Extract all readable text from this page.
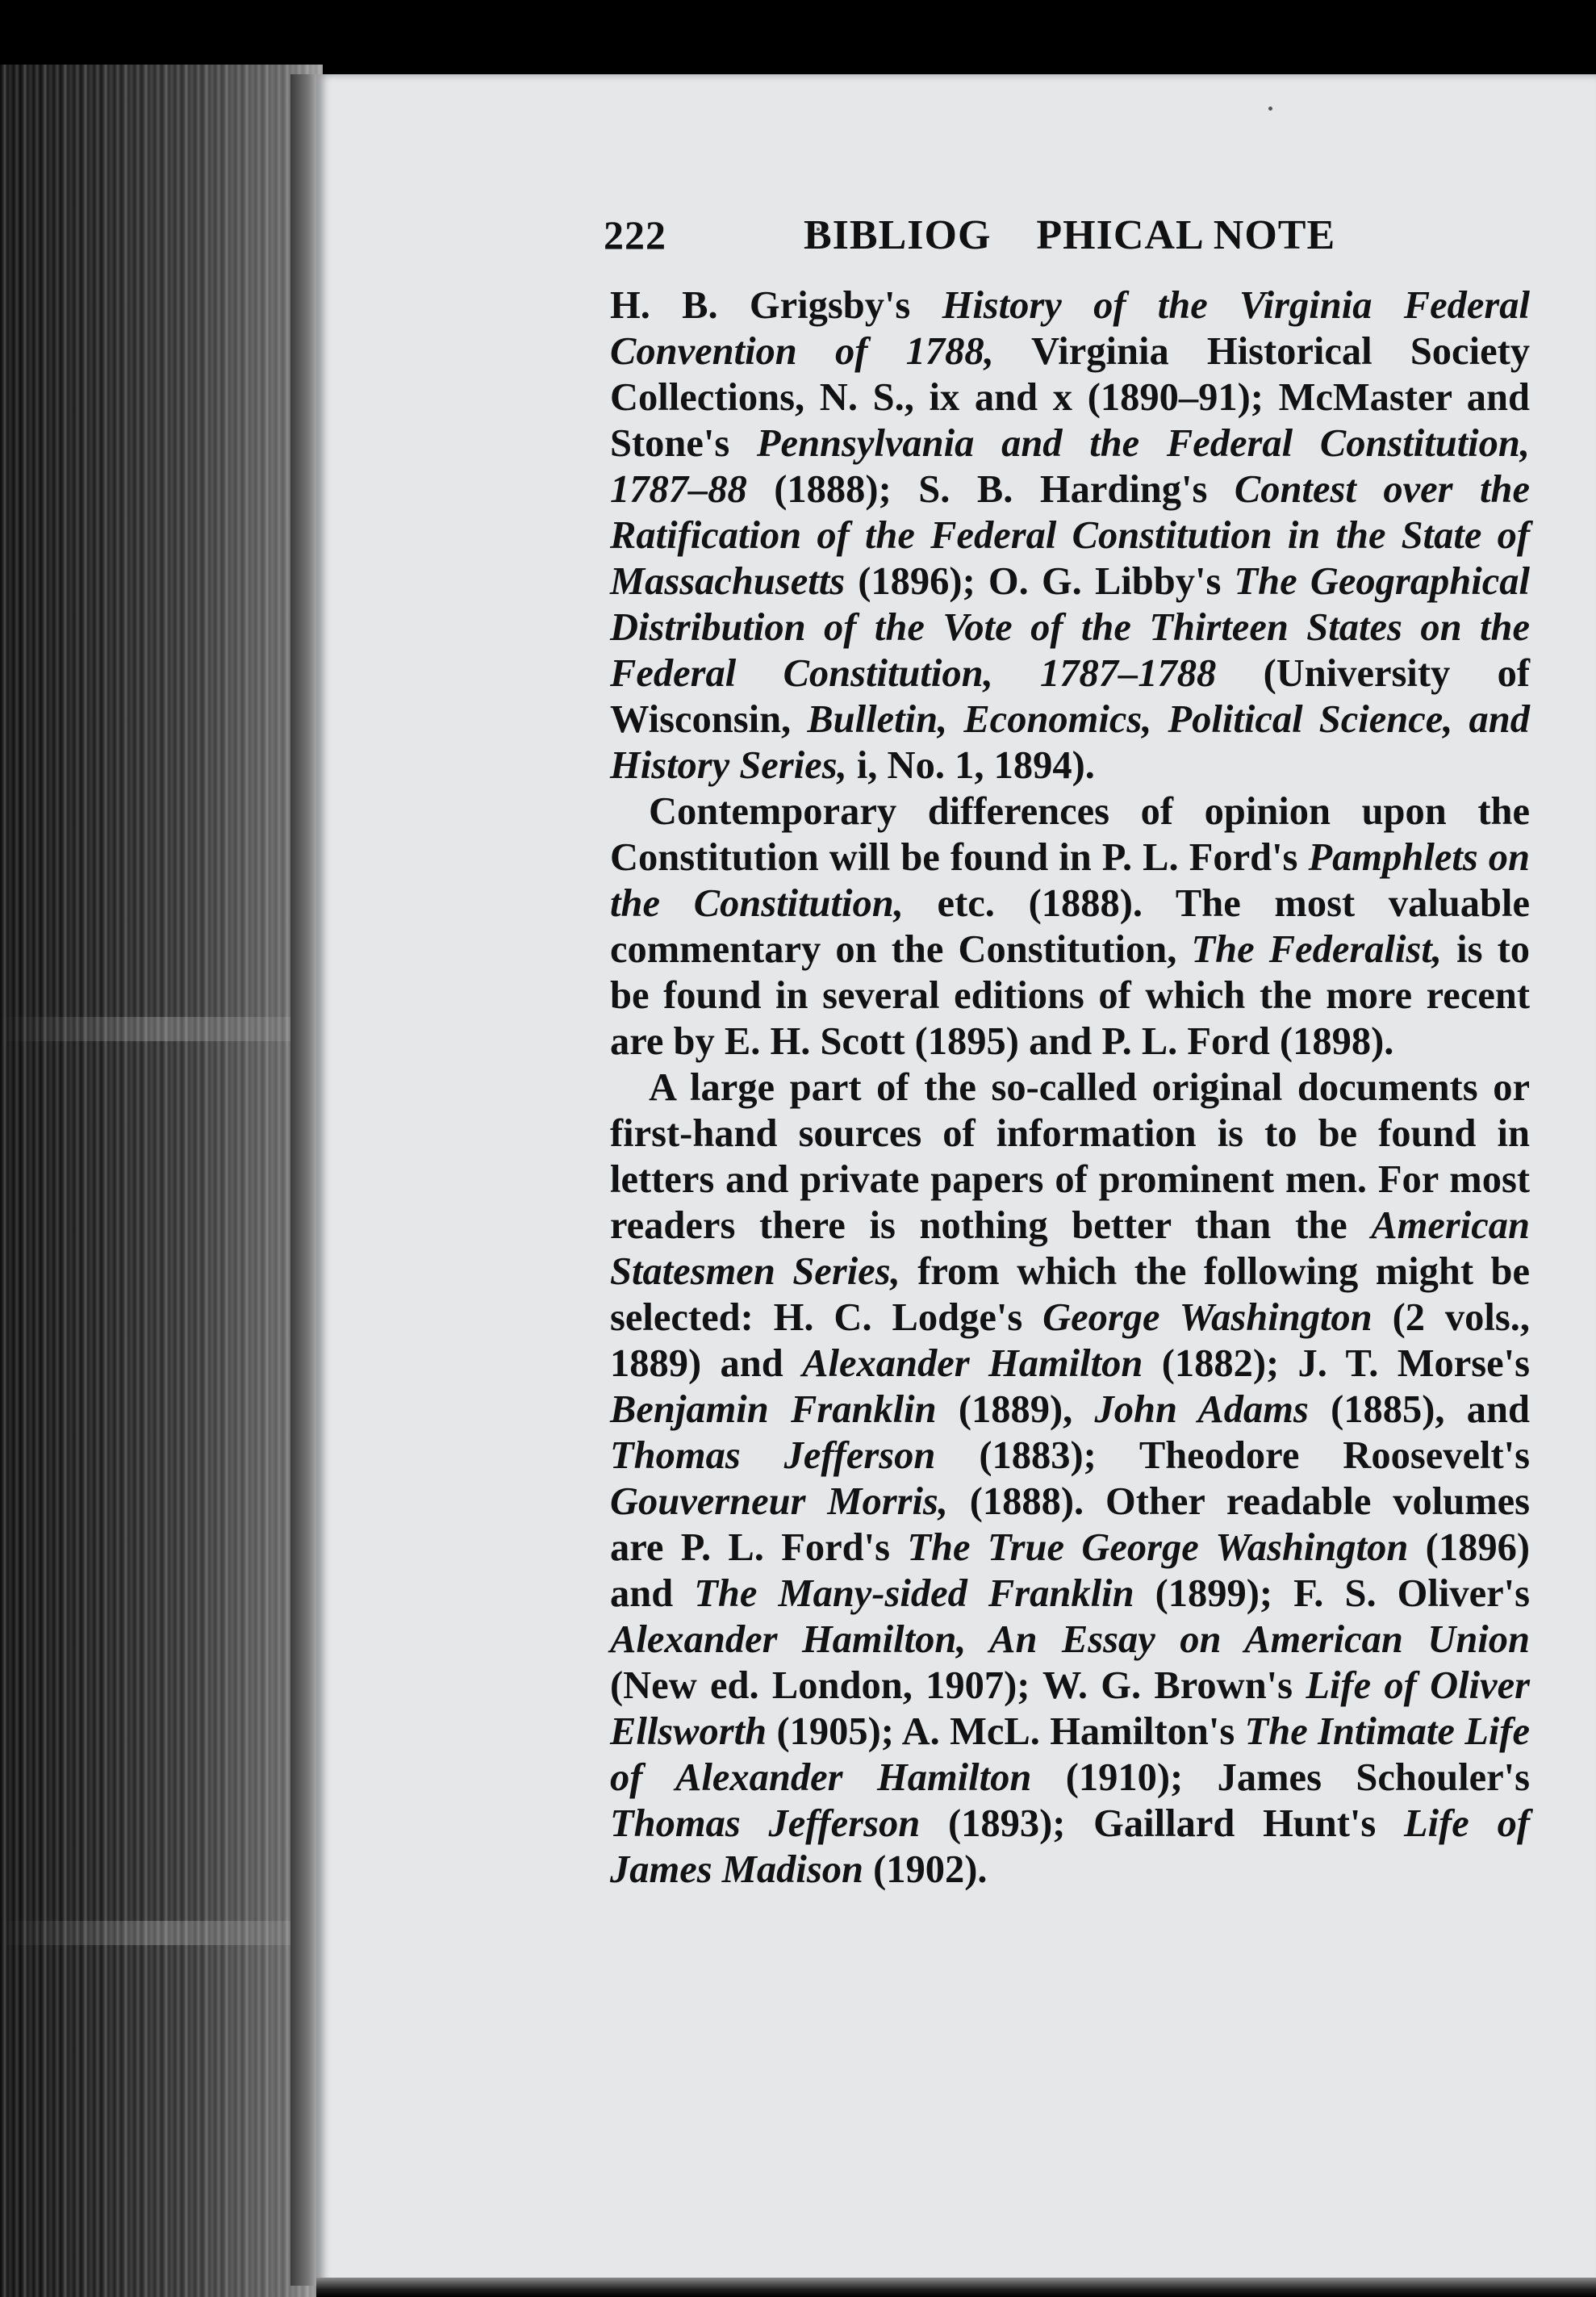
222	BIBLIOG    PHICAL NOTE

H. B. Grigsby's History of the Virginia Federal Convention of 1788, Virginia Historical Society Collections, N. S., ix and x (1890–91); McMaster and Stone's Pennsylvania and the Federal Constitution, 1787–88 (1888); S. B. Harding's Contest over the Ratification of the Federal Constitution in the State of Massachusetts (1896); O. G. Libby's The Geographical Distribution of the Vote of the Thirteen States on the Federal Constitution, 1787–1788 (University of Wisconsin, Bulletin, Economics, Political Science, and History Series, i, No. 1, 1894).

Contemporary differences of opinion upon the Constitution will be found in P. L. Ford's Pamphlets on the Constitution, etc. (1888). The most valuable commentary on the Constitution, The Federalist, is to be found in several editions of which the more recent are by E. H. Scott (1895) and P. L. Ford (1898).

A large part of the so-called original documents or first-hand sources of information is to be found in letters and private papers of prominent men. For most readers there is nothing better than the American Statesmen Series, from which the following might be selected: H. C. Lodge's George Washington (2 vols., 1889) and Alexander Hamilton (1882); J. T. Morse's Benjamin Franklin (1889), John Adams (1885), and Thomas Jefferson (1883); Theodore Roosevelt's Gouverneur Morris, (1888). Other readable volumes are P. L. Ford's The True George Washington (1896) and The Many-sided Franklin (1899); F. S. Oliver's Alexander Hamilton, An Essay on American Union (New ed. London, 1907); W. G. Brown's Life of Oliver Ellsworth (1905); A. McL. Hamilton's The Intimate Life of Alexander Hamilton (1910); James Schouler's Thomas Jefferson (1893); Gaillard Hunt's Life of James Madison (1902).
